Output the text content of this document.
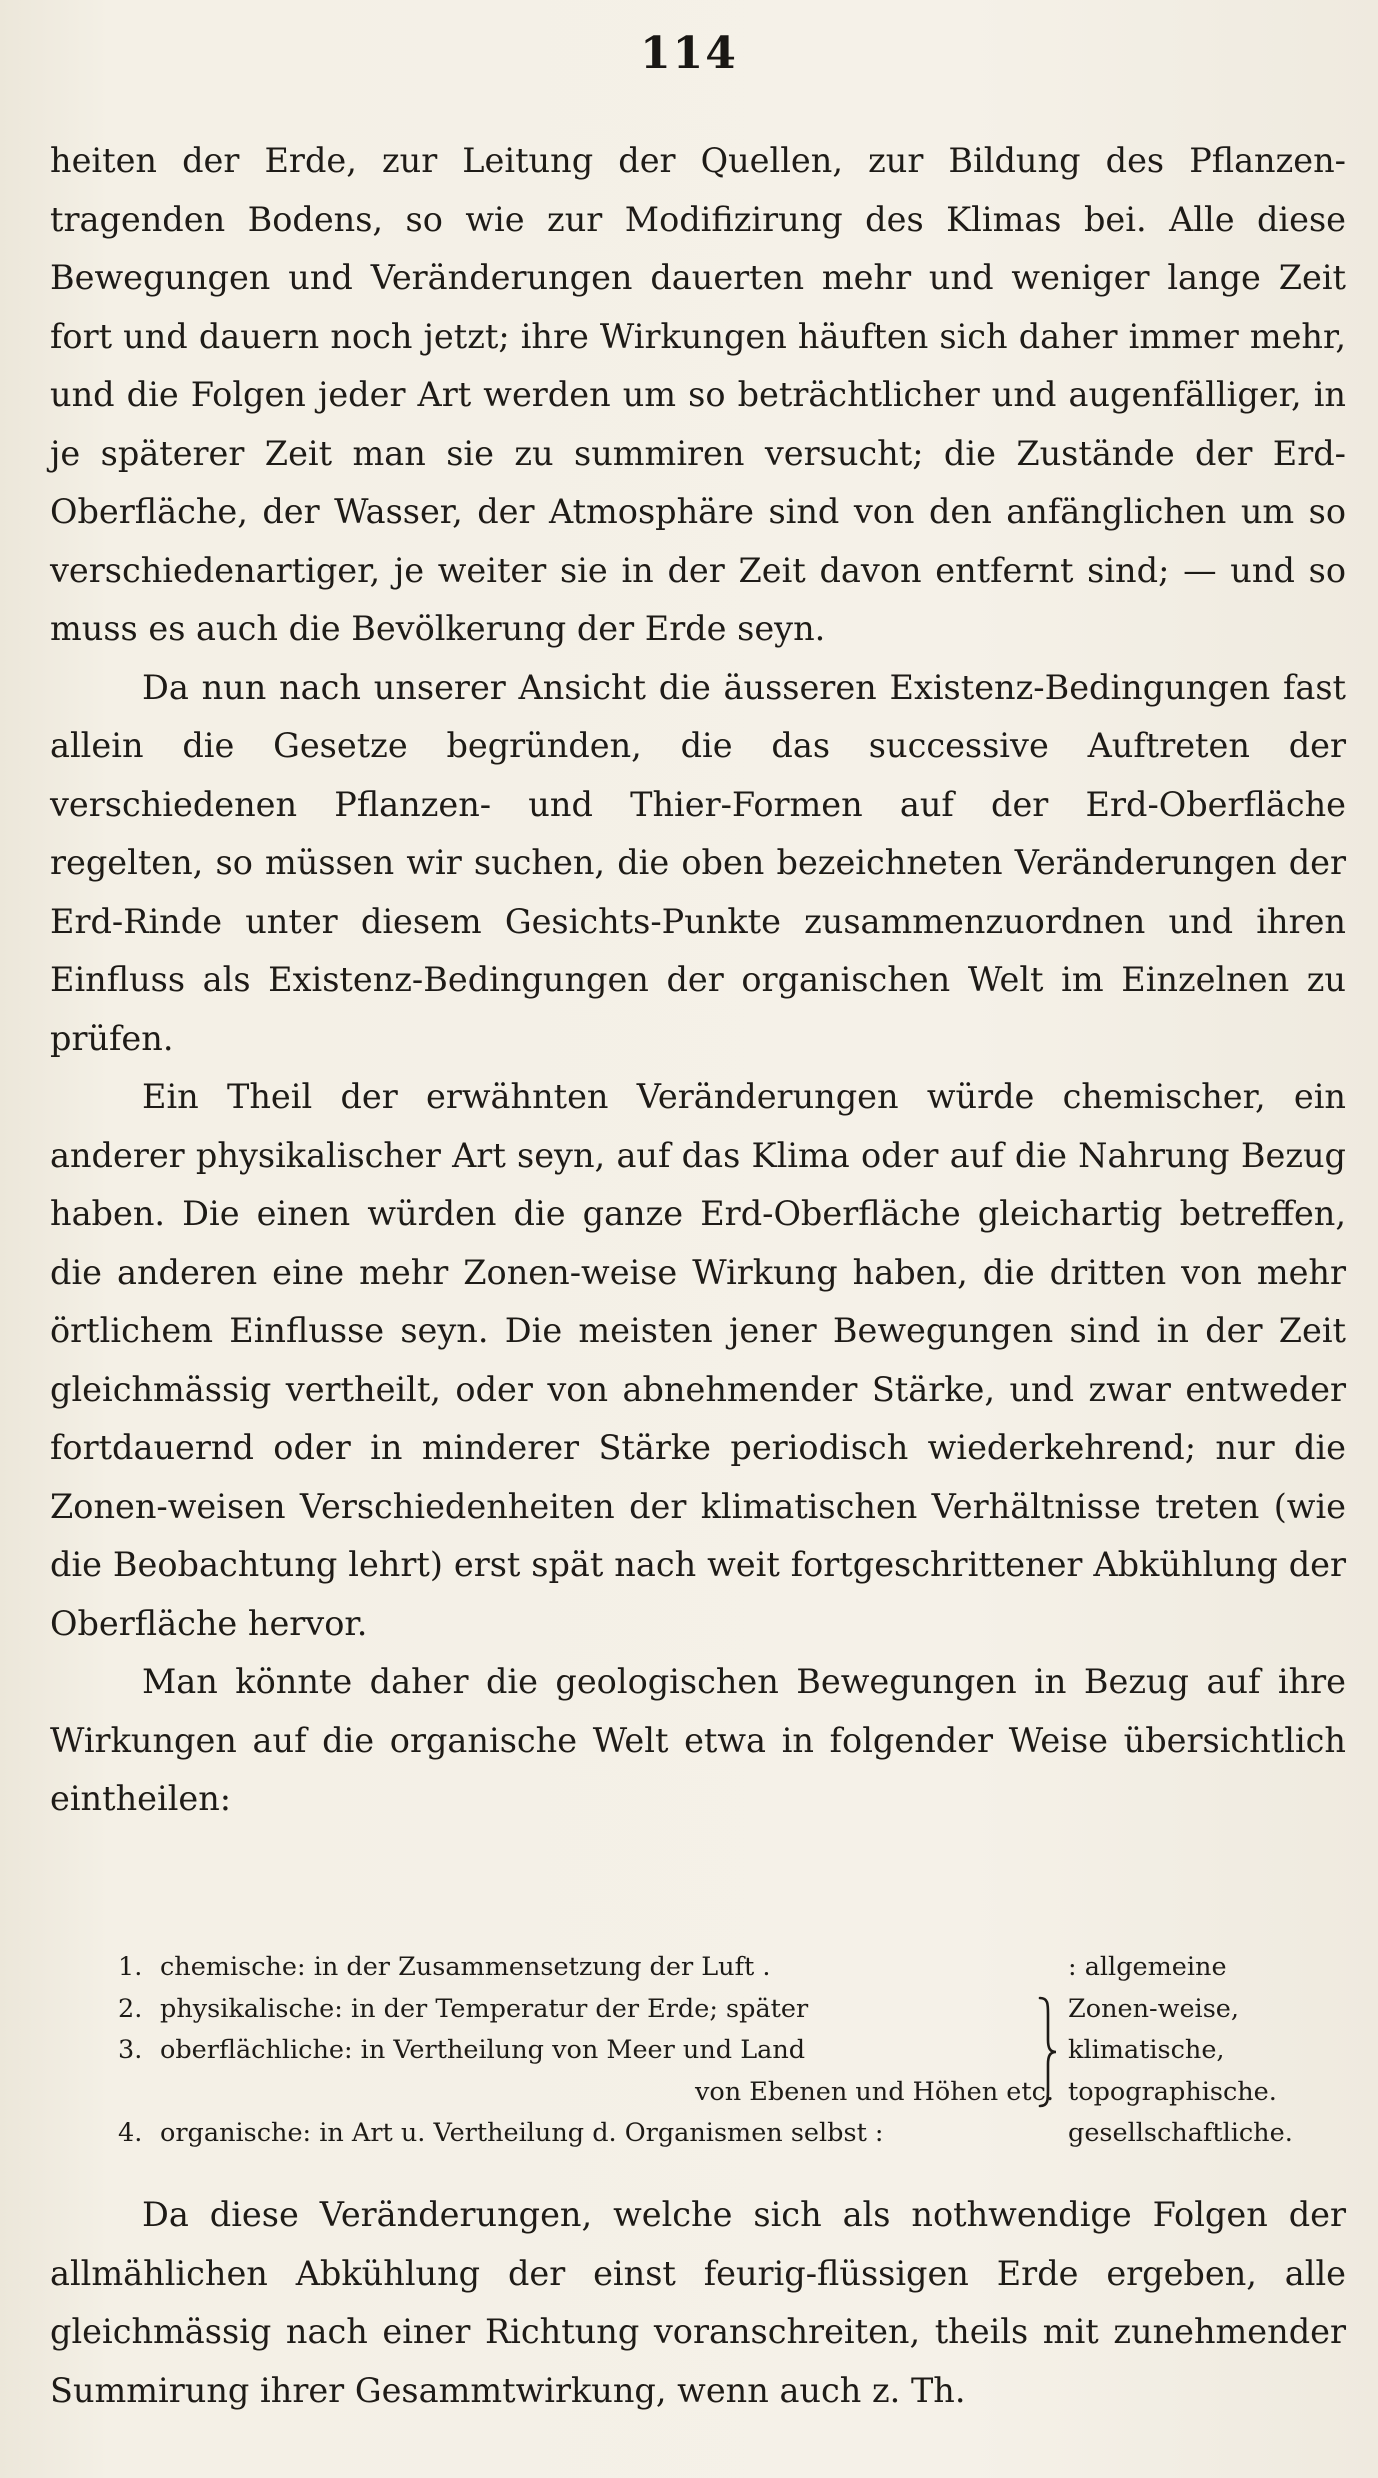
114

heiten der Erde, zur Leitung der Quellen, zur Bildung des Pflanzen-tragenden Bodens, so wie zur Modifizirung des Klimas bei. Alle diese Bewegungen und Veränderungen dauerten mehr und weniger lange Zeit fort und dauern noch jetzt; ihre Wirkungen häuften sich daher immer mehr, und die Folgen jeder Art werden um so beträchtlicher und augenfälliger, in je späterer Zeit man sie zu summiren versucht; die Zustände der Erd-Oberfläche, der Wasser, der Atmosphäre sind von den anfänglichen um so verschiedenartiger, je weiter sie in der Zeit davon entfernt sind; — und so muss es auch die Bevölkerung der Erde seyn.

Da nun nach unserer Ansicht die äusseren Existenz-Bedingungen fast allein die Gesetze begründen, die das successive Auftreten der verschiedenen Pflanzen- und Thier-Formen auf der Erd-Oberfläche regelten, so müssen wir suchen, die oben bezeichneten Veränderungen der Erd-Rinde unter diesem Gesichts-Punkte zusammenzuordnen und ihren Einfluss als Existenz-Bedingungen der organischen Welt im Einzelnen zu prüfen.

Ein Theil der erwähnten Veränderungen würde chemischer, ein anderer physikalischer Art seyn, auf das Klima oder auf die Nahrung Bezug haben. Die einen würden die ganze Erd-Oberfläche gleichartig betreffen, die anderen eine mehr Zonen-weise Wirkung haben, die dritten von mehr örtlichem Einflusse seyn. Die meisten jener Bewegungen sind in der Zeit gleichmässig vertheilt, oder von abnehmender Stärke, und zwar entweder fortdauernd oder in minderer Stärke periodisch wiederkehrend; nur die Zonen-weisen Verschiedenheiten der klimatischen Verhältnisse treten (wie die Beobachtung lehrt) erst spät nach weit fortgeschrittener Abkühlung der Oberfläche hervor.

Man könnte daher die geologischen Bewegungen in Bezug auf ihre Wirkungen auf die organische Welt etwa in folgender Weise übersichtlich eintheilen:

1. chemische: in der Zusammensetzung der Luft .	: allgemeine
2. physikalische: in der Temperatur der Erde; später	Zonen-weise,
3. oberflächliche: in Vertheilung von Meer und Land	klimatische,
von Ebenen und Höhen etc. topographische.
4. organische: in Art u. Vertheilung d. Organismen selbst :	gesellschaftliche.

Da diese Veränderungen, welche sich als nothwendige Folgen der allmählichen Abkühlung der einst feurig-flüssigen Erde ergeben, alle gleichmässig nach einer Richtung voranschreiten, theils mit zunehmender Summirung ihrer Gesammtwirkung, wenn auch z. Th.
